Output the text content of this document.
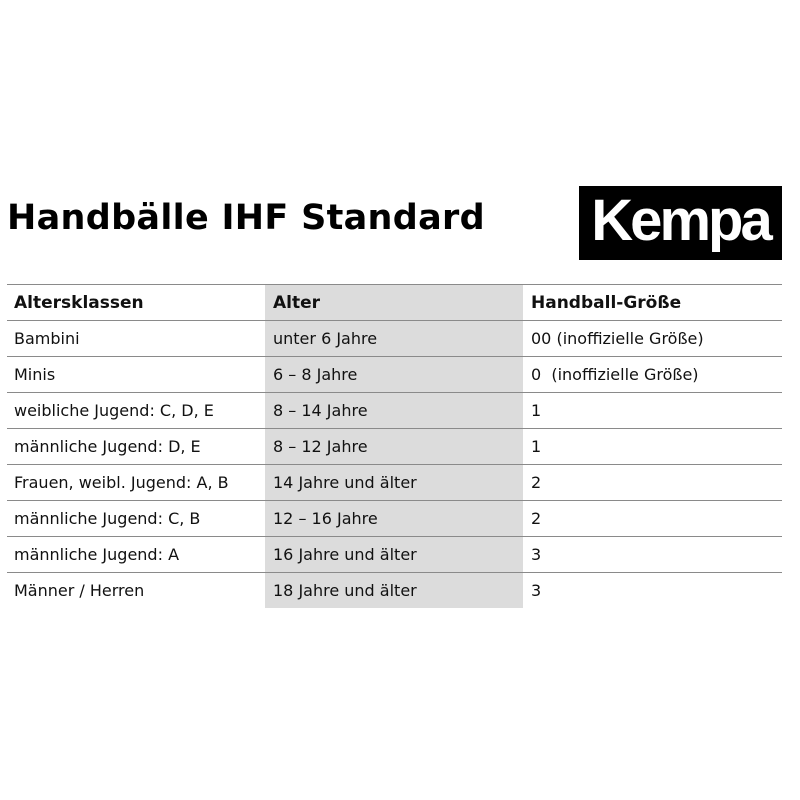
Handbälle IHF Standard Kempa
Altersklassen	Alter	Handball-Größe
Bambini	unter 6 Jahre	00 (inoffizielle Größe)
Minis	6 – 8 Jahre	0  (inoffizielle Größe)
weibliche Jugend: C, D, E	8 – 14 Jahre	1
männliche Jugend: D, E	8 – 12 Jahre	1
Frauen, weibl. Jugend: A, B	14 Jahre und älter	2
männliche Jugend: C, B	12 – 16 Jahre	2
männliche Jugend: A	16 Jahre und älter	3
Männer / Herren	18 Jahre und älter	3
